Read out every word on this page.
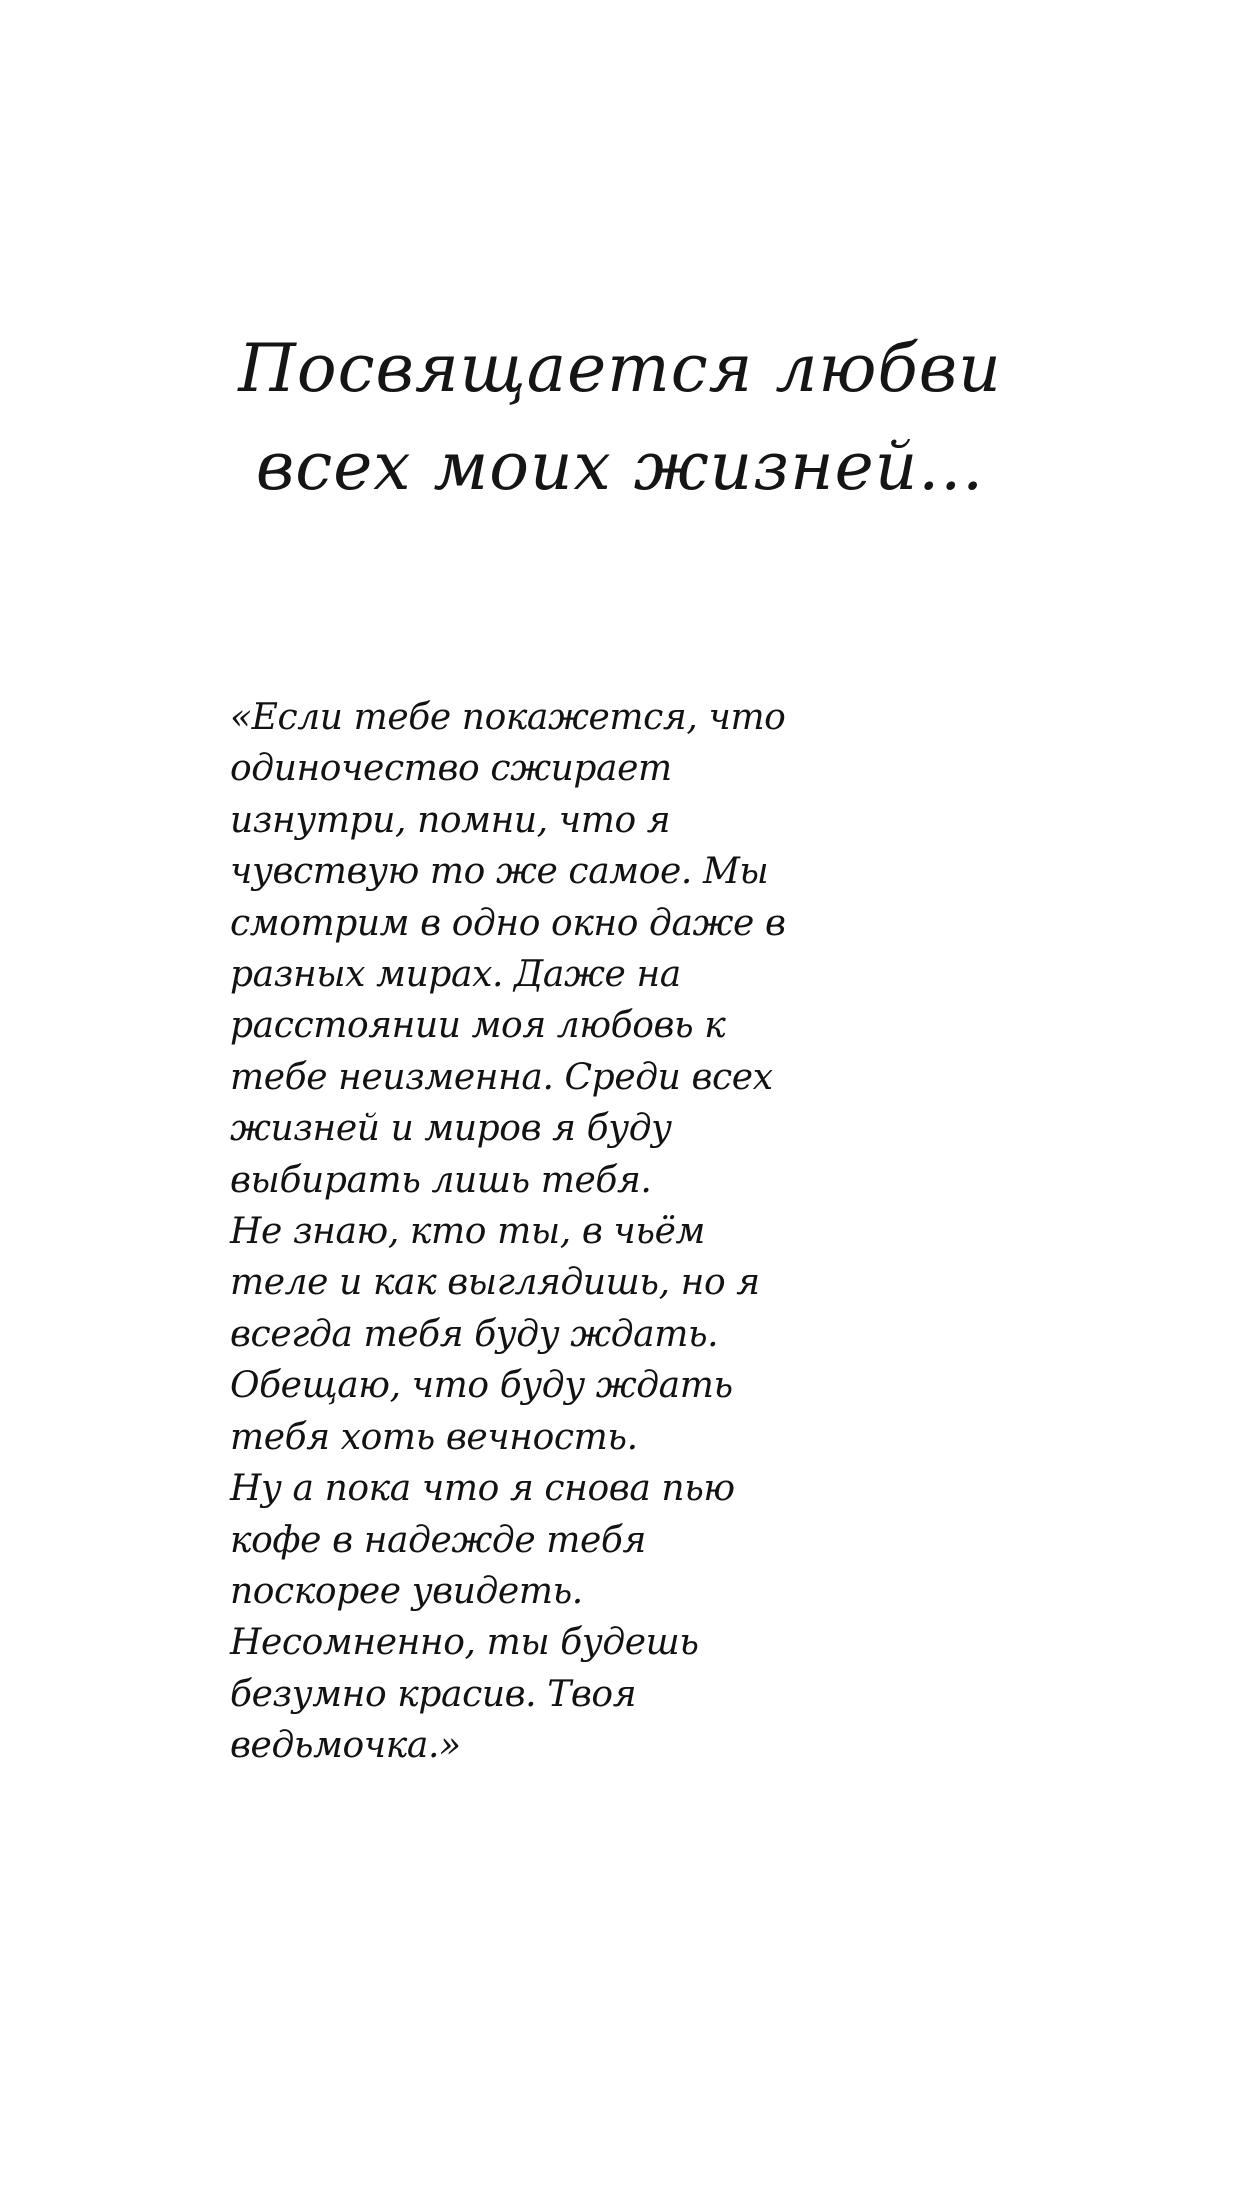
Посвящается любви
всех моих жизней...
«Если тебе покажется, что
одиночество сжирает
изнутри, помни, что я
чувствую то же самое. Мы
смотрим в одно окно даже в
разных мирах. Даже на
расстоянии моя любовь к
тебе неизменна. Среди всех
жизней и миров я буду
выбирать лишь тебя.
Не знаю, кто ты, в чьём
теле и как выглядишь, но я
всегда тебя буду ждать.
Обещаю, что буду ждать
тебя хоть вечность.
Ну а пока что я снова пью
кофе в надежде тебя
поскорее увидеть.
Несомненно, ты будешь
безумно красив. Твоя
ведьмочка.»
